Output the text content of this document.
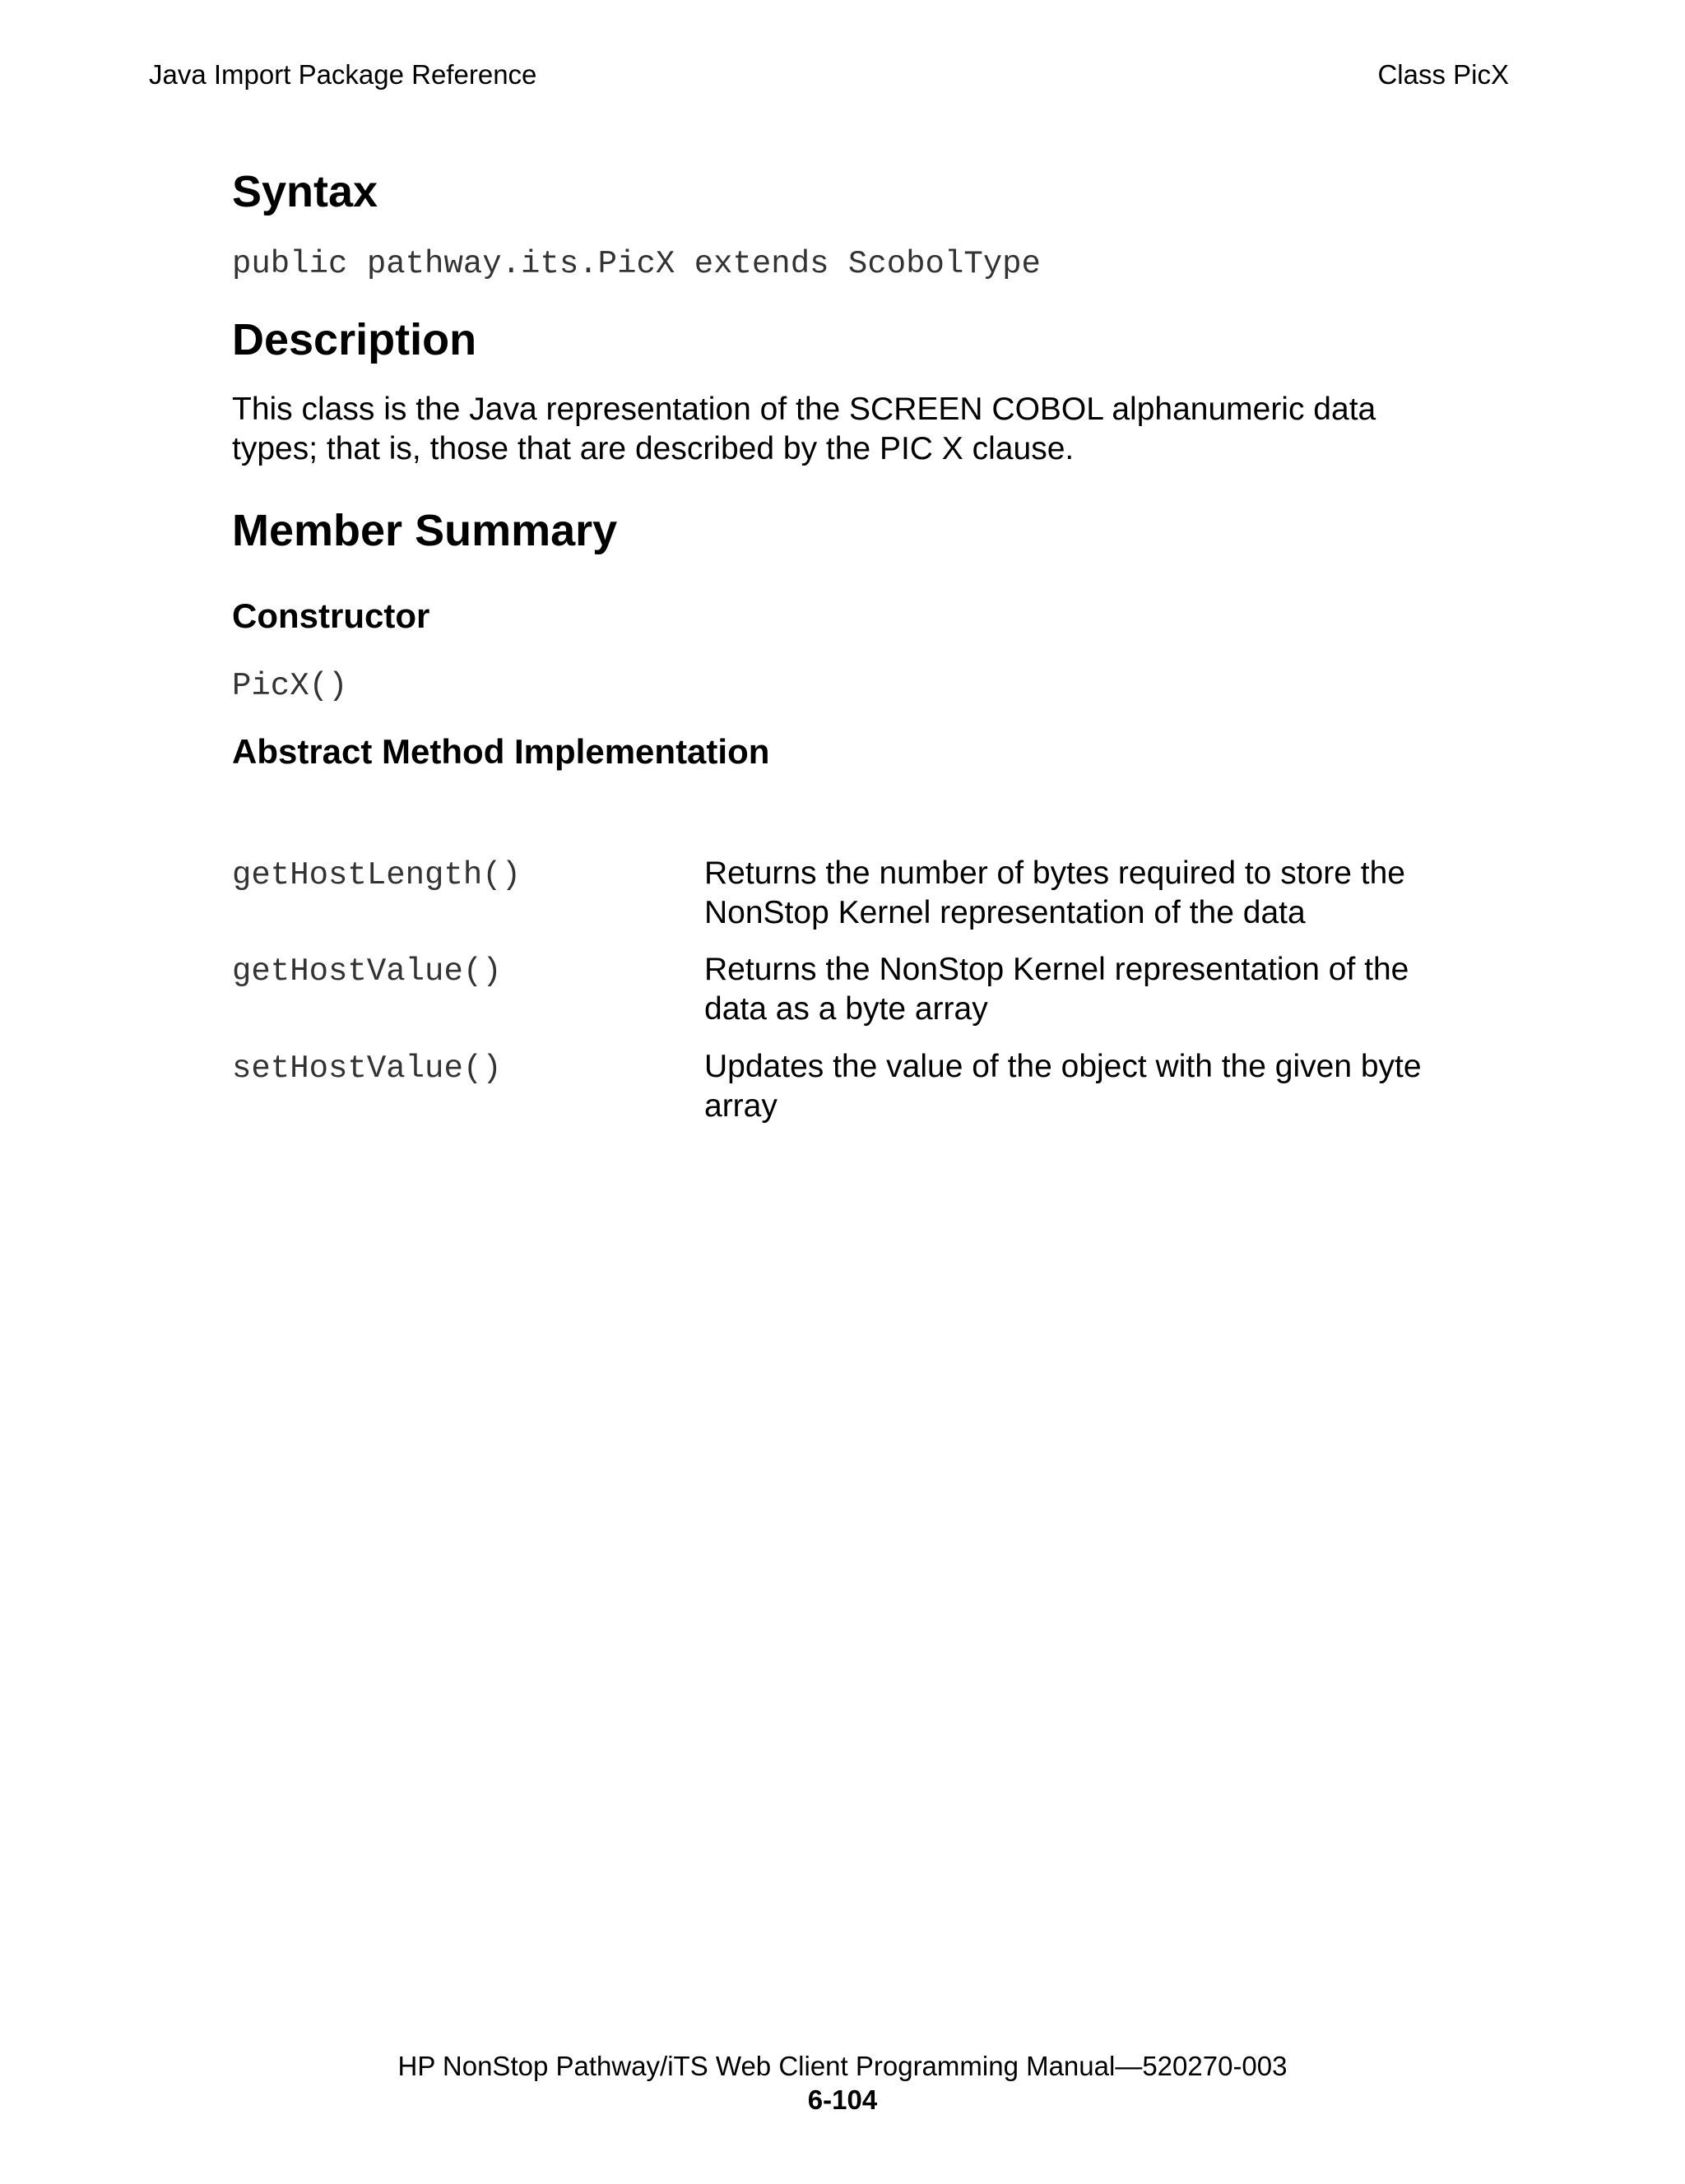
Java Import Package Reference	Class PicX
Syntax
public pathway.its.PicX extends ScobolType
Description

This class is the Java representation of the SCREEN COBOL alphanumeric data types; that is, those that are described by the PIC X clause.

Member Summary
Constructor
PicX()
Abstract Method Implementation
getHostLength()	Returns the number of bytes required to store the
NonStop Kernel representation of the data
getHostValue()	Returns the NonStop Kernel representation of the
data as a byte array
setHostValue()	Updates the value of the object with the given byte
array
HP NonStop Pathway/iTS Web Client Programming Manual—520270-003
6-104
